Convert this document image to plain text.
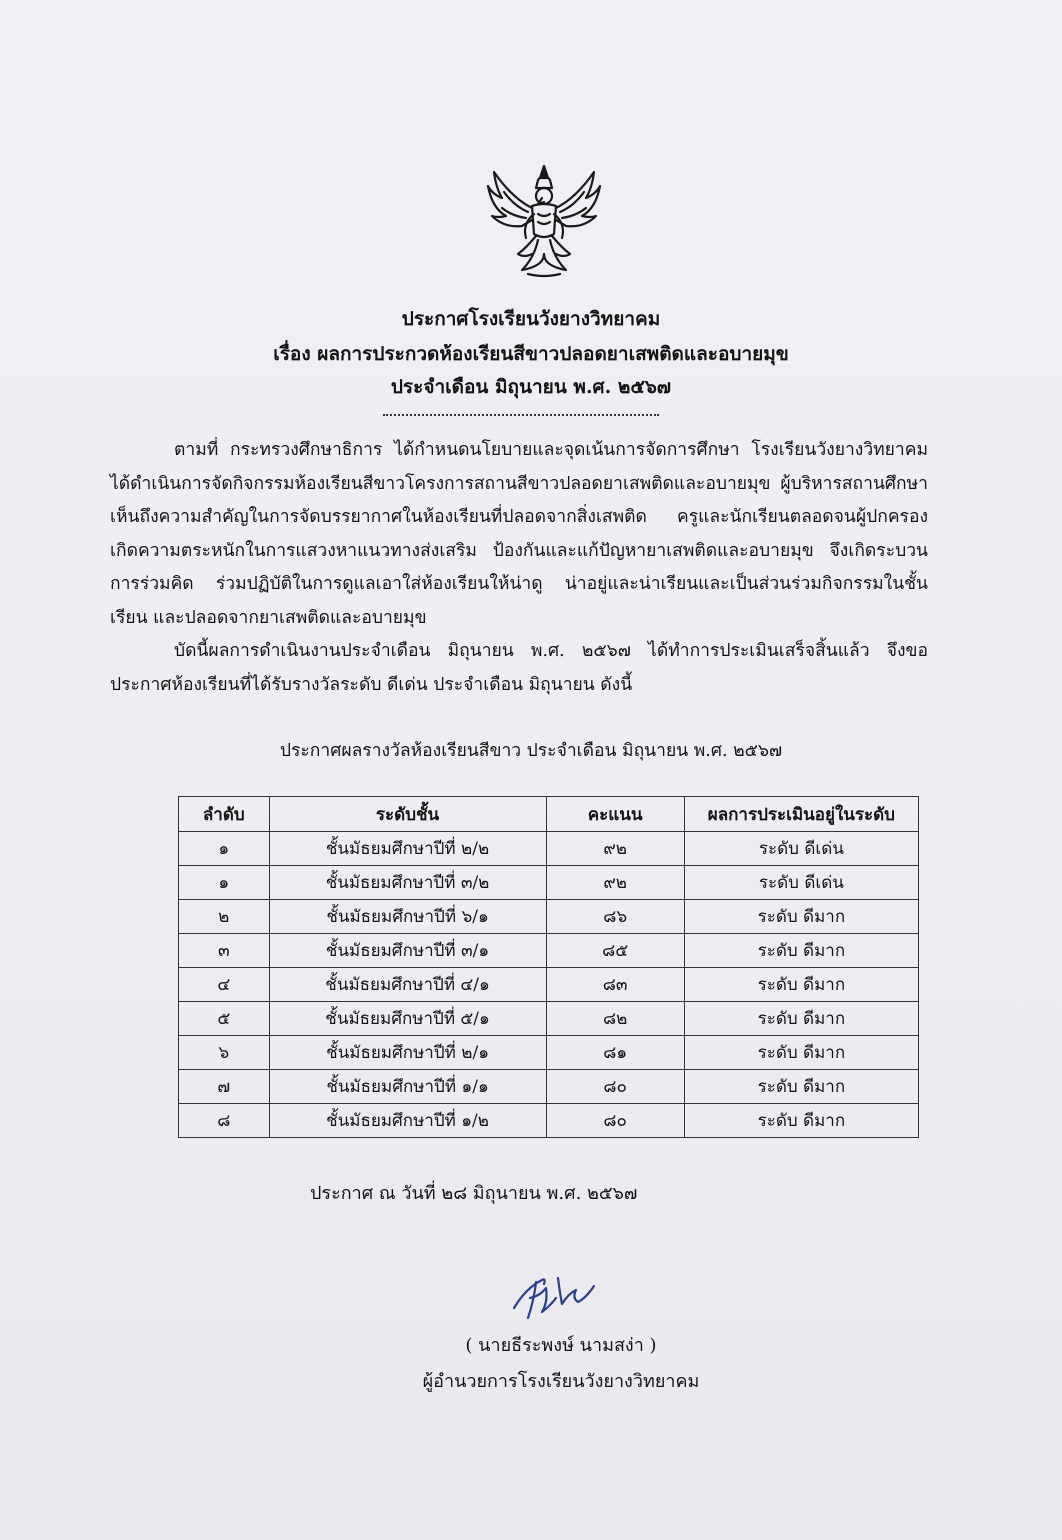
ประกาศโรงเรียนวังยางวิทยาคม
เรื่อง ผลการประกวดห้องเรียนสีขาวปลอดยาเสพติดและอบายมุข
ประจำเดือน มิถุนายน พ.ศ. ๒๕๖๗

ตามที่ กระทรวงศึกษาธิการ ได้กำหนดนโยบายและจุดเน้นการจัดการศึกษา โรงเรียนวังยางวิทยาคม ได้ดำเนินการจัดกิจกรรมห้องเรียนสีขาวโครงการสถานสีขาวปลอดยาเสพติดและอบายมุข ผู้บริหารสถานศึกษาเห็นถึงความสำคัญในการจัดบรรยากาศในห้องเรียนที่ปลอดจากสิ่งเสพติด ครูและนักเรียนตลอดจนผู้ปกครองเกิดความตระหนักในการแสวงหาแนวทางส่งเสริม ป้องกันและแก้ปัญหายาเสพติดและอบายมุข จึงเกิดระบวนการร่วมคิด ร่วมปฏิบัติในการดูแลเอาใส่ห้องเรียนให้น่าดู น่าอยู่และน่าเรียนและเป็นส่วนร่วมกิจกรรมในชั้นเรียน และปลอดจากยาเสพติดและอบายมุข

บัดนี้ผลการดำเนินงานประจำเดือน มิถุนายน พ.ศ. ๒๕๖๗ ได้ทำการประเมินเสร็จสิ้นแล้ว จึงขอประกาศห้องเรียนที่ได้รับรางวัลระดับ ดีเด่น ประจำเดือน มิถุนายน ดังนี้

ประกาศผลรางวัลห้องเรียนสีขาว ประจำเดือน มิถุนายน พ.ศ. ๒๕๖๗
ลำดับ	ระดับชั้น	คะแนน	ผลการประเมินอยู่ในระดับ
๑	ชั้นมัธยมศึกษาปีที่ ๒/๒	๙๒	ระดับ ดีเด่น
๑	ชั้นมัธยมศึกษาปีที่ ๓/๒	๙๒	ระดับ ดีเด่น
๒	ชั้นมัธยมศึกษาปีที่ ๖/๑	๘๖	ระดับ ดีมาก
๓	ชั้นมัธยมศึกษาปีที่ ๓/๑	๘๕	ระดับ ดีมาก
๔	ชั้นมัธยมศึกษาปีที่ ๔/๑	๘๓	ระดับ ดีมาก
๕	ชั้นมัธยมศึกษาปีที่ ๕/๑	๘๒	ระดับ ดีมาก
๖	ชั้นมัธยมศึกษาปีที่ ๒/๑	๘๑	ระดับ ดีมาก
๗	ชั้นมัธยมศึกษาปีที่ ๑/๑	๘๐	ระดับ ดีมาก
๘	ชั้นมัธยมศึกษาปีที่ ๑/๒	๘๐	ระดับ ดีมาก
ประกาศ ณ วันที่ ๒๘ มิถุนายน พ.ศ. ๒๕๖๗
( นายธีระพงษ์ นามสง่า )
ผู้อำนวยการโรงเรียนวังยางวิทยาคม
